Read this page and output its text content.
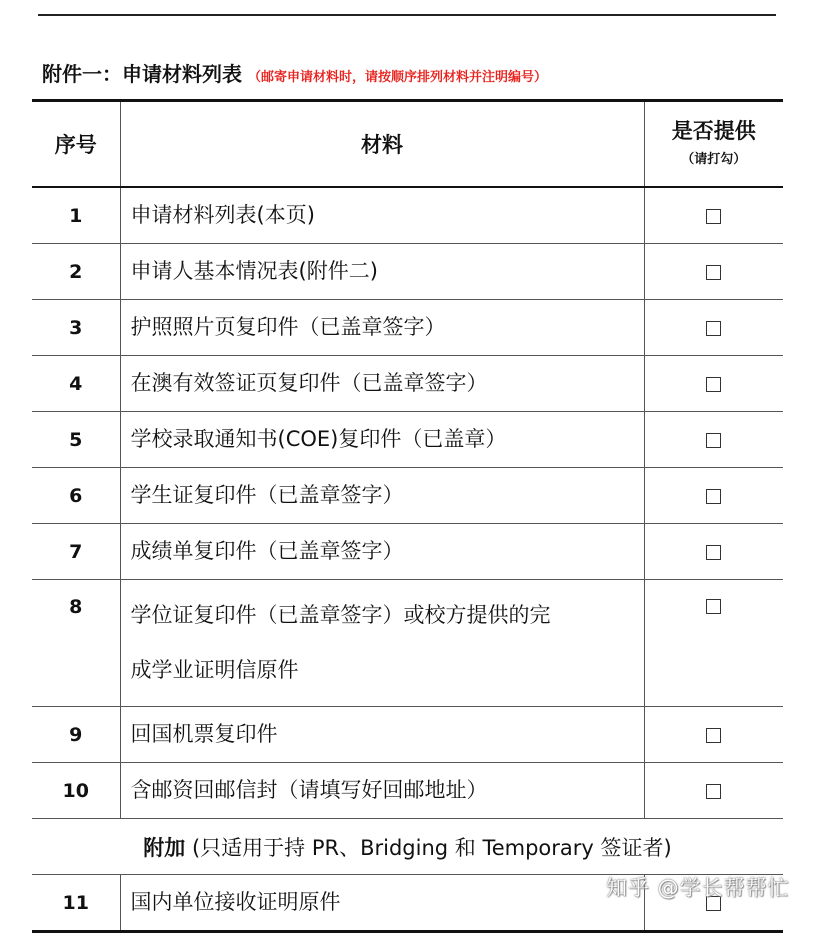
附件一：申请材料列表 （邮寄申请材料时，请按顺序排列材料并注明编号）
序号	材料	是否提供
（请打勾）

1	申请材料列表(本页)	
2	申请人基本情况表(附件二)	
3	护照照片页复印件（已盖章签字）	
4	在澳有效签证页复印件（已盖章签字）	
5	学校录取通知书(COE)复印件（已盖章）	
6	学生证复印件（已盖章签字）	
7	成绩单复印件（已盖章签字）	
8	学位证复印件（已盖章签字）或校方提供的完
成学业证明信原件	

9	回国机票复印件	
10	含邮资回邮信封（请填写好回邮地址）	
附加 (只适用于持 PR、Bridging 和 Temporary 签证者)		
11	国内单位接收证明原件	
知乎 @学长帮帮忙
